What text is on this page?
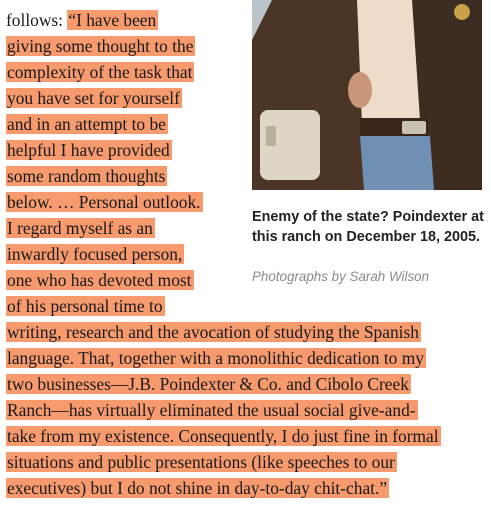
Enemy of the state? Poindexter at this ranch on December 18, 2005.
Photographs by Sarah Wilson
follows: “I have been
giving some thought to the
complexity of the task that
you have set for yourself
and in an attempt to be
helpful I have provided
some random thoughts
below. … Personal outlook.
I regard myself as an
inwardly focused person,
one who has devoted most
of his personal time to
writing, research and the avocation of studying the Spanish
language. That, together with a monolithic dedication to my
two businesses—J.B. Poindexter & Co. and Cibolo Creek
Ranch—has virtually eliminated the usual social give-and-
take from my existence. Consequently, I do just fine in formal
situations and public presentations (like speeches to our
executives) but I do not shine in day-to-day chit-chat.”
